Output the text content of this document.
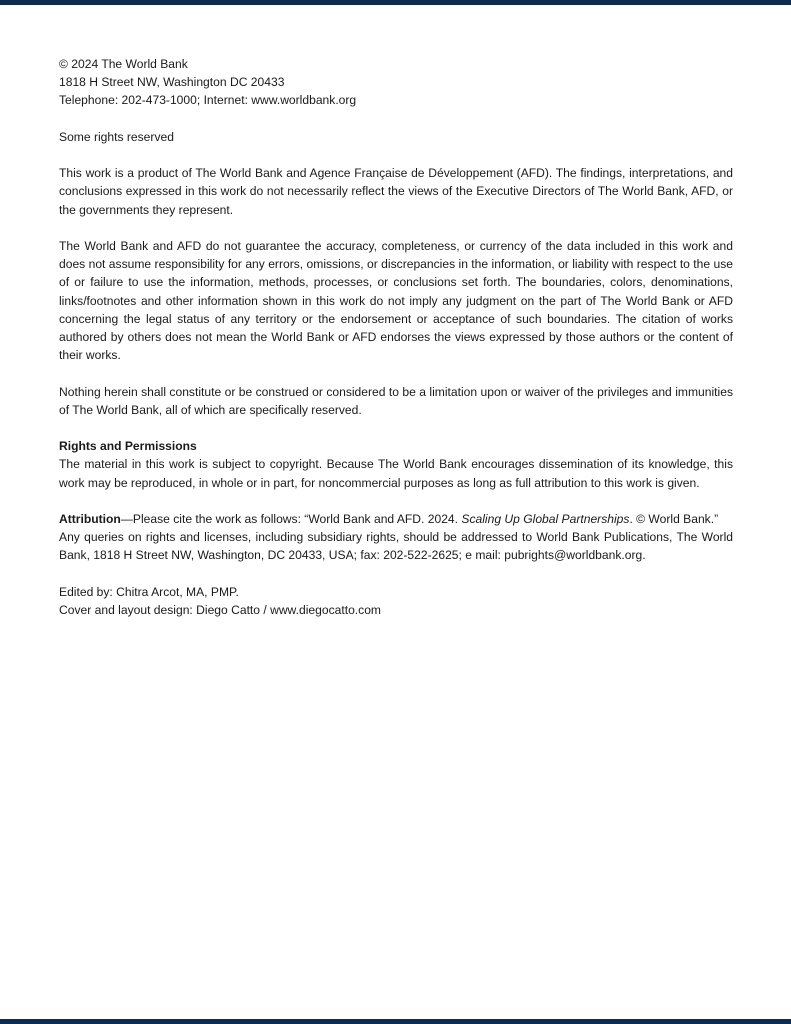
© 2024 The World Bank
1818 H Street NW, Washington DC 20433
Telephone: 202-473-1000; Internet: www.worldbank.org

Some rights reserved

This work is a product of The World Bank and Agence Française de Développement (AFD). The findings, interpretations, and conclusions expressed in this work do not necessarily reflect the views of the Executive Directors of The World Bank, AFD, or the governments they represent.

The World Bank and AFD do not guarantee the accuracy, completeness, or currency of the data included in this work and does not assume responsibility for any errors, omissions, or discrepancies in the information, or liability with respect to the use of or failure to use the information, methods, processes, or conclusions set forth. The boundaries, colors, denominations, links/footnotes and other information shown in this work do not imply any judgment on the part of The World Bank or AFD concerning the legal status of any territory or the endorsement or acceptance of such boundaries. The citation of works authored by others does not mean the World Bank or AFD endorses the views expressed by those authors or the content of their works.

Nothing herein shall constitute or be construed or considered to be a limitation upon or waiver of the privileges and immunities of The World Bank, all of which are specifically reserved.

Rights and Permissions
The material in this work is subject to copyright. Because The World Bank encourages dissemination of its knowledge, this work may be reproduced, in whole or in part, for noncommercial purposes as long as full attribution to this work is given.

Attribution—Please cite the work as follows: “World Bank and AFD. 2024. Scaling Up Global Partnerships. © World Bank.”
Any queries on rights and licenses, including subsidiary rights, should be addressed to World Bank Publications, The World Bank, 1818 H Street NW, Washington, DC 20433, USA; fax: 202-522-2625; e mail: pubrights@worldbank.org.

Edited by: Chitra Arcot, MA, PMP.
Cover and layout design: Diego Catto / www.diegocatto.com
